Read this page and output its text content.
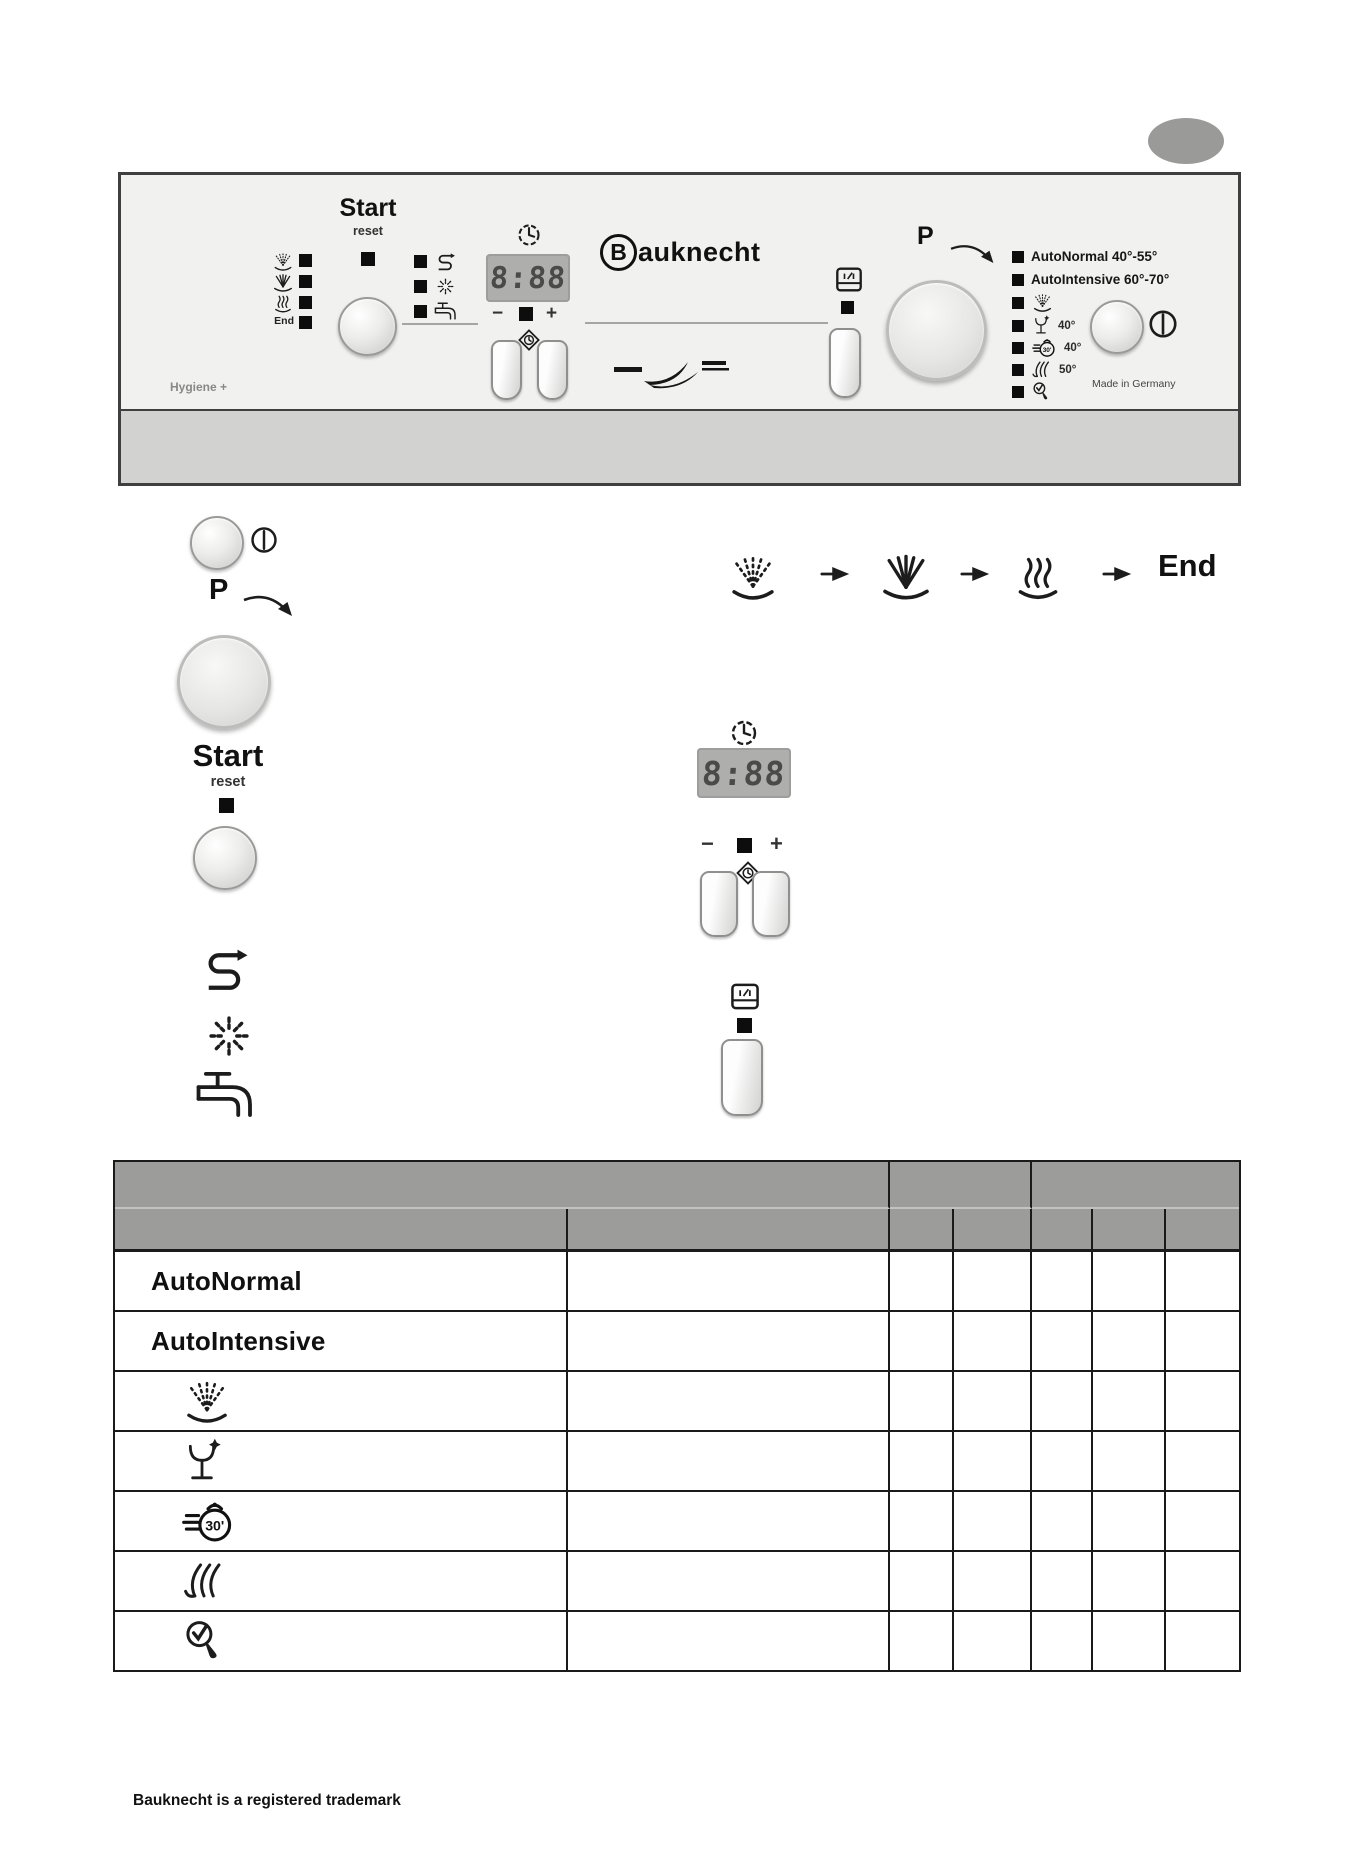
End
Start
reset
8:88
− +
B auknecht
P
AutoNormal 40°-55°
AutoIntensive 60°-70°
40°
30' 40°
50°
Made in Germany
Hygiene +
P
Start
reset
End
8:88
−	+
AutoNormal
AutoIntensive
30'
Bauknecht is a registered trademark
